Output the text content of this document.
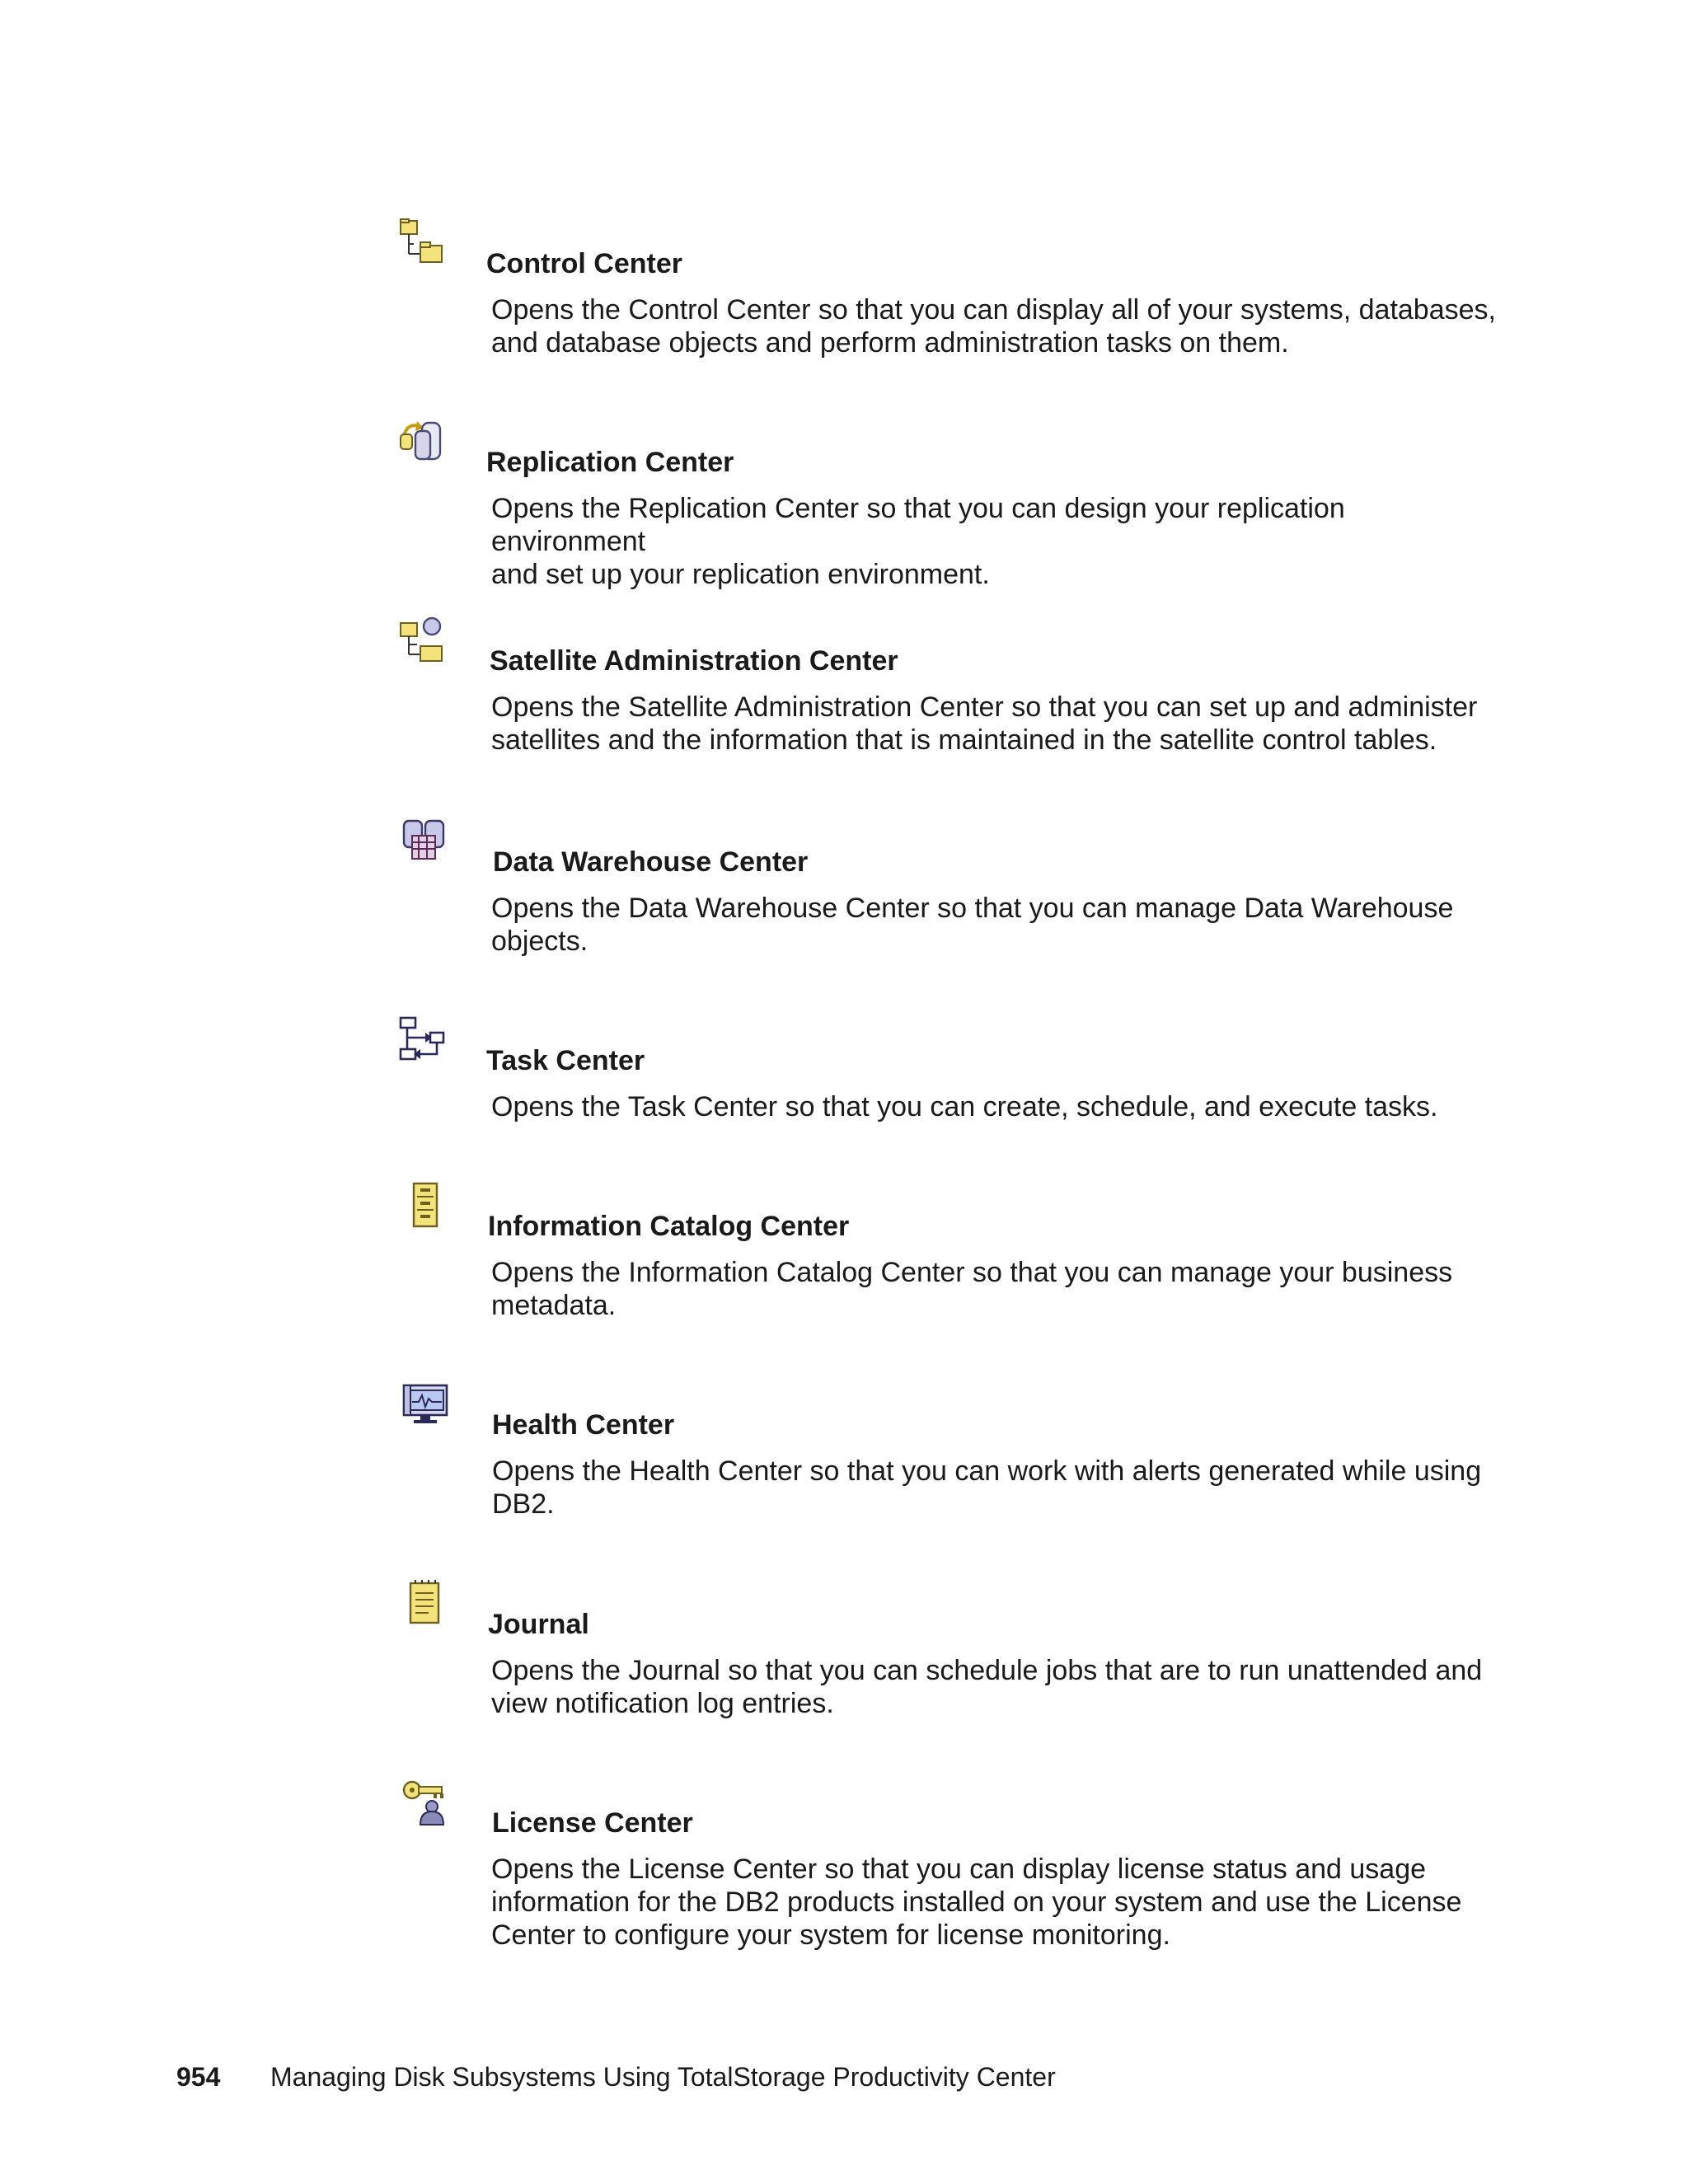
Control Center

Opens the Control Center so that you can display all of your systems, databases,
and database objects and perform administration tasks on them.

Replication Center

Opens the Replication Center so that you can design your replication environment
and set up your replication environment.

Satellite Administration Center

Opens the Satellite Administration Center so that you can set up and administer
satellites and the information that is maintained in the satellite control tables.

Data Warehouse Center

Opens the Data Warehouse Center so that you can manage Data Warehouse
objects.

Task Center

Opens the Task Center so that you can create, schedule, and execute tasks.

Information Catalog Center

Opens the Information Catalog Center so that you can manage your business
metadata.

Health Center

Opens the Health Center so that you can work with alerts generated while using
DB2.

Journal

Opens the Journal so that you can schedule jobs that are to run unattended and
view notification log entries.

License Center

Opens the License Center so that you can display license status and usage
information for the DB2 products installed on your system and use the License
Center to configure your system for license monitoring.

954 Managing Disk Subsystems Using TotalStorage Productivity Center
